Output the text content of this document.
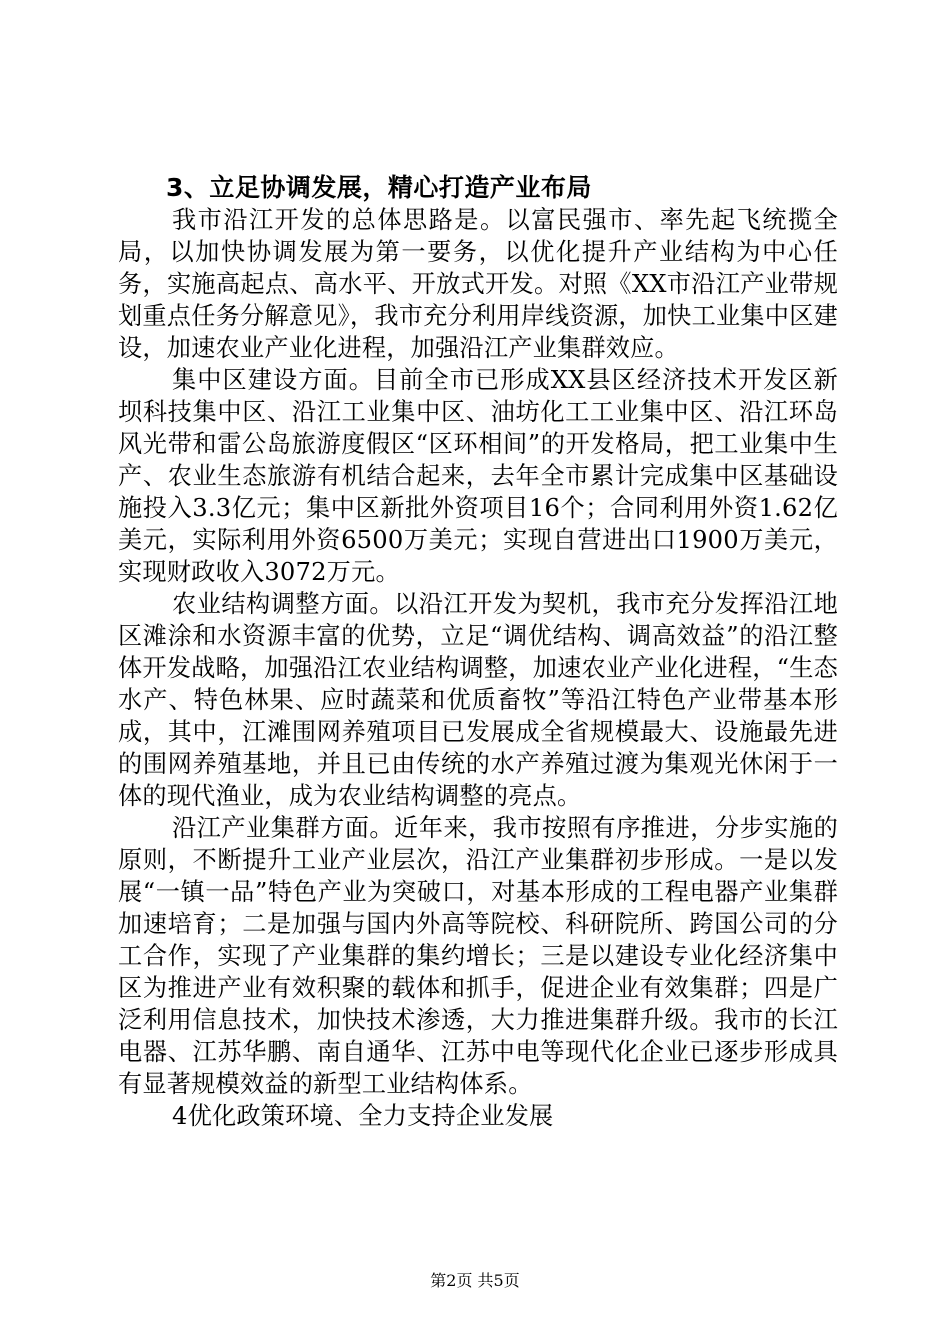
3、立足协调发展，精心打造产业布局

我市沿江开发的总体思路是。以富民强市、率先起飞统揽全局，以加快协调发展为第一要务，以优化提升产业结构为中心任务，实施高起点、高水平、开放式开发。对照《XX市沿江产业带规划重点任务分解意见》，我市充分利用岸线资源，加快工业集中区建设，加速农业产业化进程，加强沿江产业集群效应。

集中区建设方面。目前全市已形成XX县区经济技术开发区新坝科技集中区、沿江工业集中区、油坊化工工业集中区、沿江环岛风光带和雷公岛旅游度假区“区环相间”的开发格局，把工业集中生产、农业生态旅游有机结合起来，去年全市累计完成集中区基础设施投入3.3亿元；集中区新批外资项目16个；合同利用外资1.62亿美元，实际利用外资6500万美元；实现自营进出口1900万美元，实现财政收入3072万元。

农业结构调整方面。以沿江开发为契机，我市充分发挥沿江地区滩涂和水资源丰富的优势，立足“调优结构、调高效益”的沿江整体开发战略，加强沿江农业结构调整，加速农业产业化进程，“生态水产、特色林果、应时蔬菜和优质畜牧”等沿江特色产业带基本形成，其中，江滩围网养殖项目已发展成全省规模最大、设施最先进的围网养殖基地，并且已由传统的水产养殖过渡为集观光休闲于一体的现代渔业，成为农业结构调整的亮点。

沿江产业集群方面。近年来，我市按照有序推进，分步实施的原则，不断提升工业产业层次，沿江产业集群初步形成。一是以发展“一镇一品”特色产业为突破口，对基本形成的工程电器产业集群加速培育；二是加强与国内外高等院校、科研院所、跨国公司的分工合作，实现了产业集群的集约增长；三是以建设专业化经济集中区为推进产业有效积聚的载体和抓手，促进企业有效集群；四是广泛利用信息技术，加快技术渗透，大力推进集群升级。我市的长江电器、江苏华鹏、南自通华、江苏中电等现代化企业已逐步形成具有显著规模效益的新型工业结构体系。

4优化政策环境、全力支持企业发展

第2页 共5页
